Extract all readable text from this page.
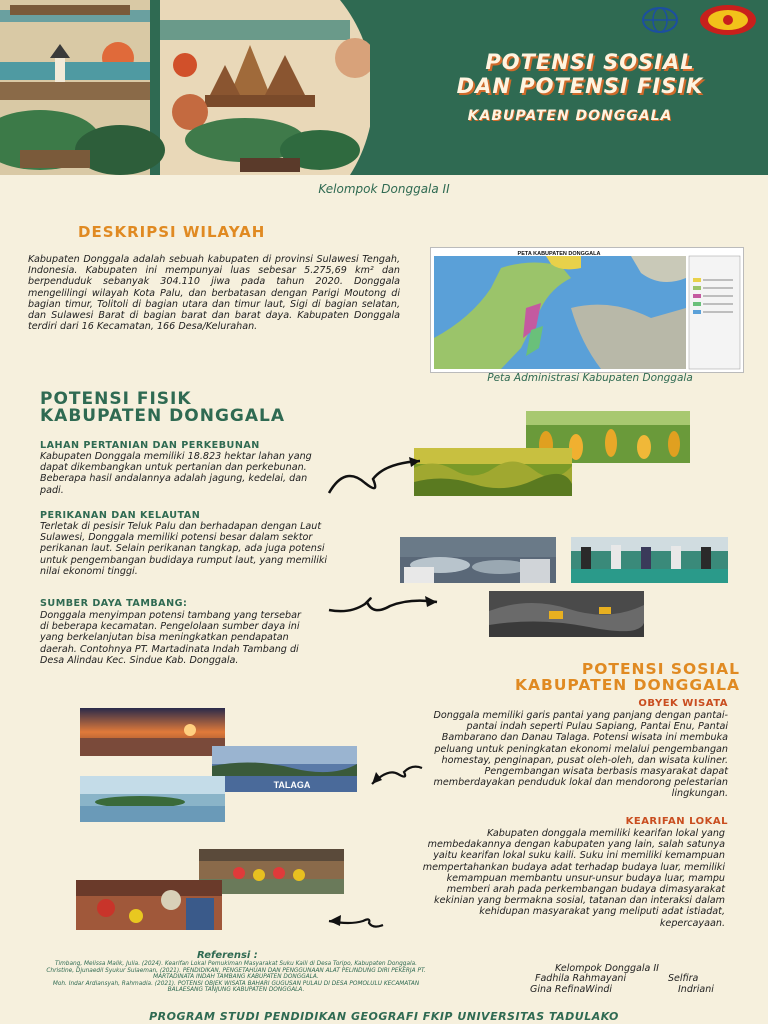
POTENSI SOSIAL
DAN POTENSI FISIK
KABUPATEN DONGGALA
Kelompok Donggala II
DESKRIPSI WILAYAH
Kabupaten Donggala adalah sebuah kabupaten di provinsi Sulawesi Tengah, Indonesia. Kabupaten ini mempunyai luas sebesar 5.275,69 km² dan berpenduduk sebanyak 304.110 jiwa pada tahun 2020. Donggala mengelilingi wilayah Kota Palu, dan berbatasan dengan Parigi Moutong di bagian timur, Tolitoli di bagian utara dan timur laut, Sigi di bagian selatan, dan Sulawesi Barat di bagian barat dan barat daya. Kabupaten Donggala terdiri dari 16 Kecamatan, 166 Desa/Kelurahan.
PETA KABUPATEN DONGGALA
Peta Administrasi Kabupaten Donggala
POTENSI FISIK
KABUPATEN DONGGALA
LAHAN PERTANIAN DAN PERKEBUNAN
Kabupaten Donggala memiliki 18.823 hektar lahan yang dapat dikembangkan untuk pertanian dan perkebunan. Beberapa hasil andalannya adalah jagung, kedelai, dan padi.
PERIKANAN DAN KELAUTAN
Terletak di pesisir Teluk Palu dan berhadapan dengan Laut Sulawesi, Donggala memiliki potensi besar dalam sektor perikanan laut. Selain perikanan tangkap, ada juga potensi untuk pengembangan budidaya rumput laut, yang memiliki nilai ekonomi tinggi.
SUMBER DAYA TAMBANG:
Donggala menyimpan potensi tambang yang tersebar di beberapa kecamatan. Pengelolaan sumber daya ini yang berkelanjutan bisa meningkatkan pendapatan daerah. Contohnya PT. Martadinata Indah Tambang di Desa Alindau Kec. Sindue Kab. Donggala.	POTENSI SOSIAL
KABUPATEN DONGGALA
OBYEK WISATA
Donggala memiliki garis pantai yang panjang dengan pantai-pantai indah seperti Pulau Sapiang, Pantai Enu, Pantai Bambarano dan Danau Talaga. Potensi wisata ini membuka peluang untuk peningkatan ekonomi melalui pengembangan homestay, penginapan, pusat oleh-oleh, dan wisata kuliner. Pengembangan wisata berbasis masyarakat dapat memberdayakan penduduk lokal dan mendorong pelestarian lingkungan.
KEARIFAN LOKAL
Kabupaten donggala memiliki kearifan lokal yang membedakannya dengan kabupaten yang lain, salah satunya yaitu kearifan lokal suku kaili. Suku ini memiliki kemampuan mempertahankan budaya adat terhadap budaya luar, memiliki kemampuan membantu unsur-unsur budaya luar, mampu memberi arah pada perkembangan budaya dimasyarakat kekinian yang bermakna sosial, tatanan dan interaksi dalam kehidupan masyarakat yang meliputi adat istiadat, kepercayaan.
TALAGA
Referensi :
Timbang, Melissa Malik, Julia. (2024). Kearifan Lokal Pemukiman Masyarakat Suku Kaili di Desa Toripo, Kabupaten Donggala.
Christine, Djunaedil Syukur Sulaeman, (2021). PENDIDIKAN, PENGETAHUAN DAN PENGGUNAAN ALAT PELINDUNG DIRI PEKERJA PT. MARTADINATA INDAH TAMBANG KABUPATEN DONGGALA.
Moh. Indar Ardiansyah, Rahmadia. (2021). POTENSI OBJEK WISATA BAHARI GUGUSAN PULAU DI DESA POMOLULU KECAMATAN BALAESANG TANJUNG KABUPATEN DONGGALA.
Kelompok Donggala II
Fadhila Rahmayani	Selfira
Gina RefinaWindi	Indriani
PROGRAM STUDI PENDIDIKAN GEOGRAFI FKIP UNIVERSITAS TADULAKO
